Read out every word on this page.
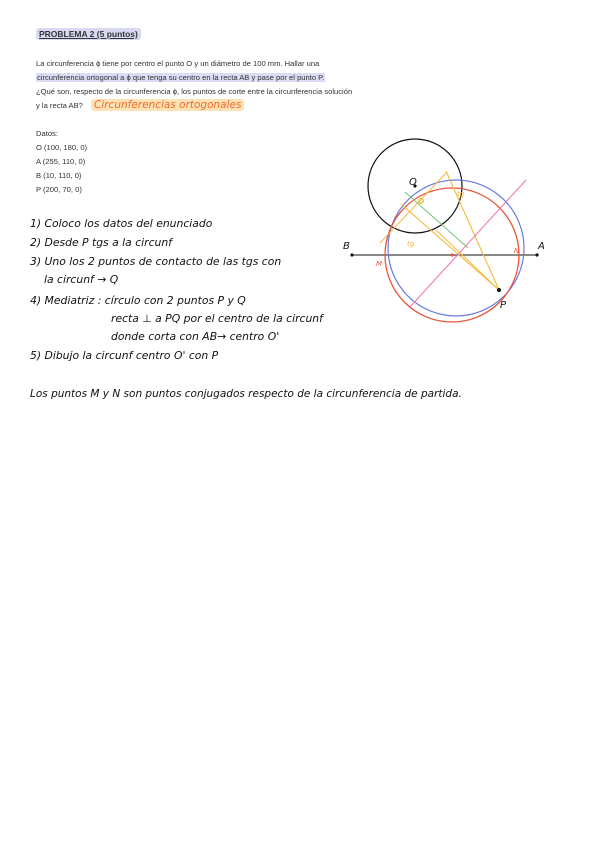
PROBLEMA 2 (5 puntos)
La circunferencia ϕ tiene por centro el punto O y un diámetro de 100 mm. Hallar una
circunferencia ortogonal a ϕ que tenga su centro en la recta AB y pase por el punto P.
¿Qué son, respecto de la circunferencia ϕ, los puntos de corte entre la circunferencia solución
y la recta AB? Circunferencias ortogonales
Datos:
O (100, 180, 0)
A (255, 110, 0)
B (10, 110, 0)
P (200, 70, 0)
1) Coloco los datos del enunciado
2) Desde P tgs a la circunf
3) Uno los 2 puntos de contacto de las tgs con
la circunf → Q
4) Mediatriz : círculo con 2 puntos P y Q
recta ⊥ a PQ por el centro de la circunf
donde corta con AB→ centro O'
5) Dibujo la circunf centro O' con P
Los puntos M y N son puntos conjugados respecto de la circunferencia de partida.
O
B	A
P
M
N
Q
tg
tg
